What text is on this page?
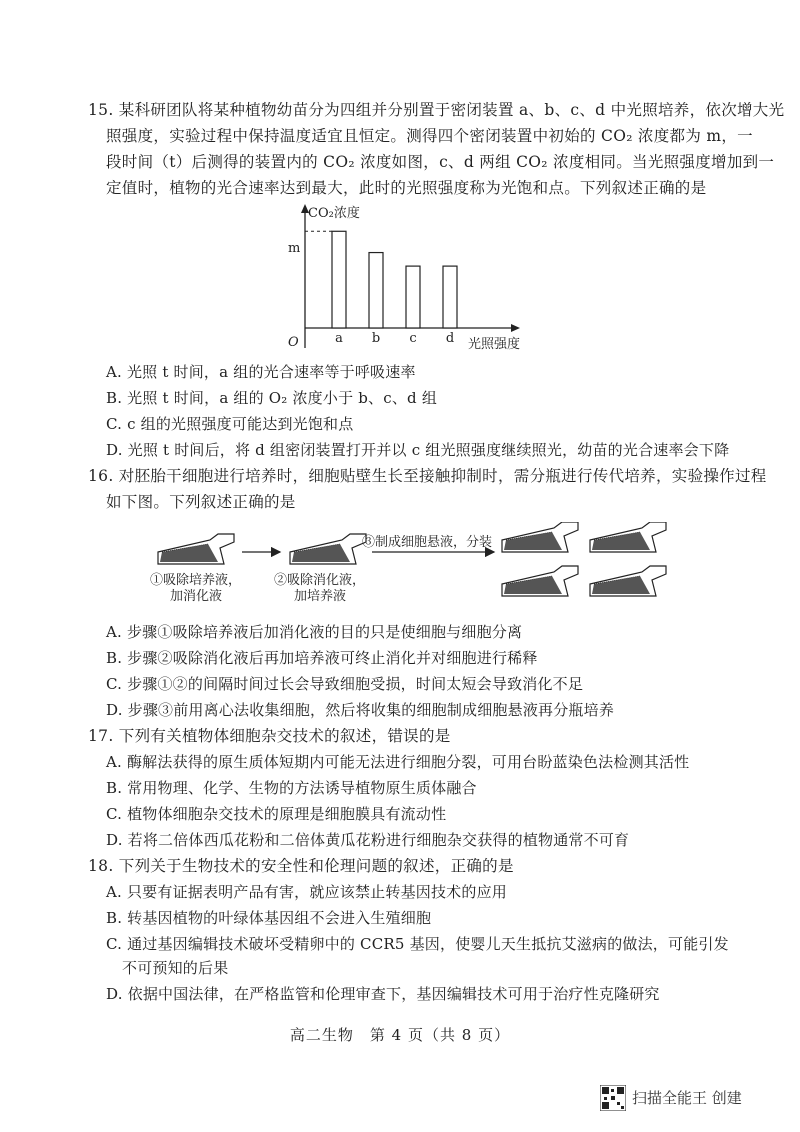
15. 某科研团队将某种植物幼苗分为四组并分别置于密闭装置 a、b、c、d 中光照培养，依次增大光
照强度，实验过程中保持温度适宜且恒定。测得四个密闭装置中初始的 CO₂ 浓度都为 m，一
段时间（t）后测得的装置内的 CO₂ 浓度如图，c、d 两组 CO₂ 浓度相同。当光照强度增加到一
定值时，植物的光合速率达到最大，此时的光照强度称为光饱和点。下列叙述正确的是
CO₂浓度
O	光照强度
m
a b c d
A. 光照 t 时间，a 组的光合速率等于呼吸速率
B. 光照 t 时间，a 组的 O₂ 浓度小于 b、c、d 组
C. c 组的光照强度可能达到光饱和点
D. 光照 t 时间后，将 d 组密闭装置打开并以 c 组光照强度继续照光，幼苗的光合速率会下降
16. 对胚胎干细胞进行培养时，细胞贴壁生长至接触抑制时，需分瓶进行传代培养，实验操作过程
如下图。下列叙述正确的是
③制成细胞悬液，分装
①吸除培养液，
加消化液
②吸除消化液，
加培养液
A. 步骤①吸除培养液后加消化液的目的只是使细胞与细胞分离
B. 步骤②吸除消化液后再加培养液可终止消化并对细胞进行稀释
C. 步骤①②的间隔时间过长会导致细胞受损，时间太短会导致消化不足
D. 步骤③前用离心法收集细胞，然后将收集的细胞制成细胞悬液再分瓶培养
17. 下列有关植物体细胞杂交技术的叙述，错误的是
A. 酶解法获得的原生质体短期内可能无法进行细胞分裂，可用台盼蓝染色法检测其活性
B. 常用物理、化学、生物的方法诱导植物原生质体融合
C. 植物体细胞杂交技术的原理是细胞膜具有流动性
D. 若将二倍体西瓜花粉和二倍体黄瓜花粉进行细胞杂交获得的植物通常不可育
18. 下列关于生物技术的安全性和伦理问题的叙述，正确的是
A. 只要有证据表明产品有害，就应该禁止转基因技术的应用
B. 转基因植物的叶绿体基因组不会进入生殖细胞
C. 通过基因编辑技术破坏受精卵中的 CCR5 基因，使婴儿天生抵抗艾滋病的做法，可能引发
不可预知的后果
D. 依据中国法律，在严格监管和伦理审查下，基因编辑技术可用于治疗性克隆研究
高二生物　第 4 页（共 8 页）
扫描全能王 创建
